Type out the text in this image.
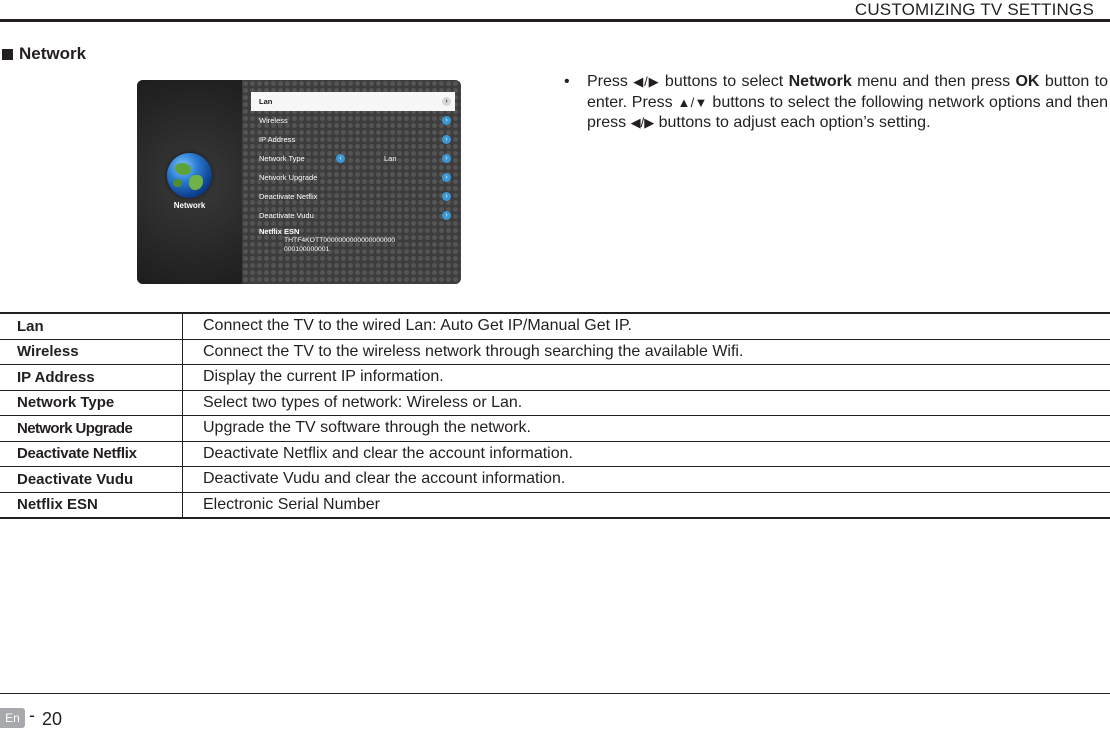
CUSTOMIZING TV SETTINGS
Network
Network
Lan	›
Wireless	›
IP Address	›
Network Type	‹	Lan	›
Network Upgrade	›
Deactivate Netflix	›
Deactivate Vudu	›
Netflix ESN
THTF4KOTT0000000000000000000
000100000001
• Press ◀/▶ buttons to select Network menu and then press OK button to enter. Press ▲/▼ buttons to select the following network options and then press ◀/▶ buttons to adjust each option’s setting.
Lan	Connect the TV to the wired Lan: Auto Get IP/Manual Get IP.
Wireless	Connect the TV to the wireless network through searching the available Wifi.
IP Address	Display the current IP information.
Network Type	Select two types of network: Wireless or Lan.
Network Upgrade	Upgrade the TV software through the network.
Deactivate Netflix	Deactivate Netflix and clear the account information.
Deactivate Vudu	Deactivate Vudu and clear the account information.
Netflix ESN	Electronic Serial Number
En - 20
